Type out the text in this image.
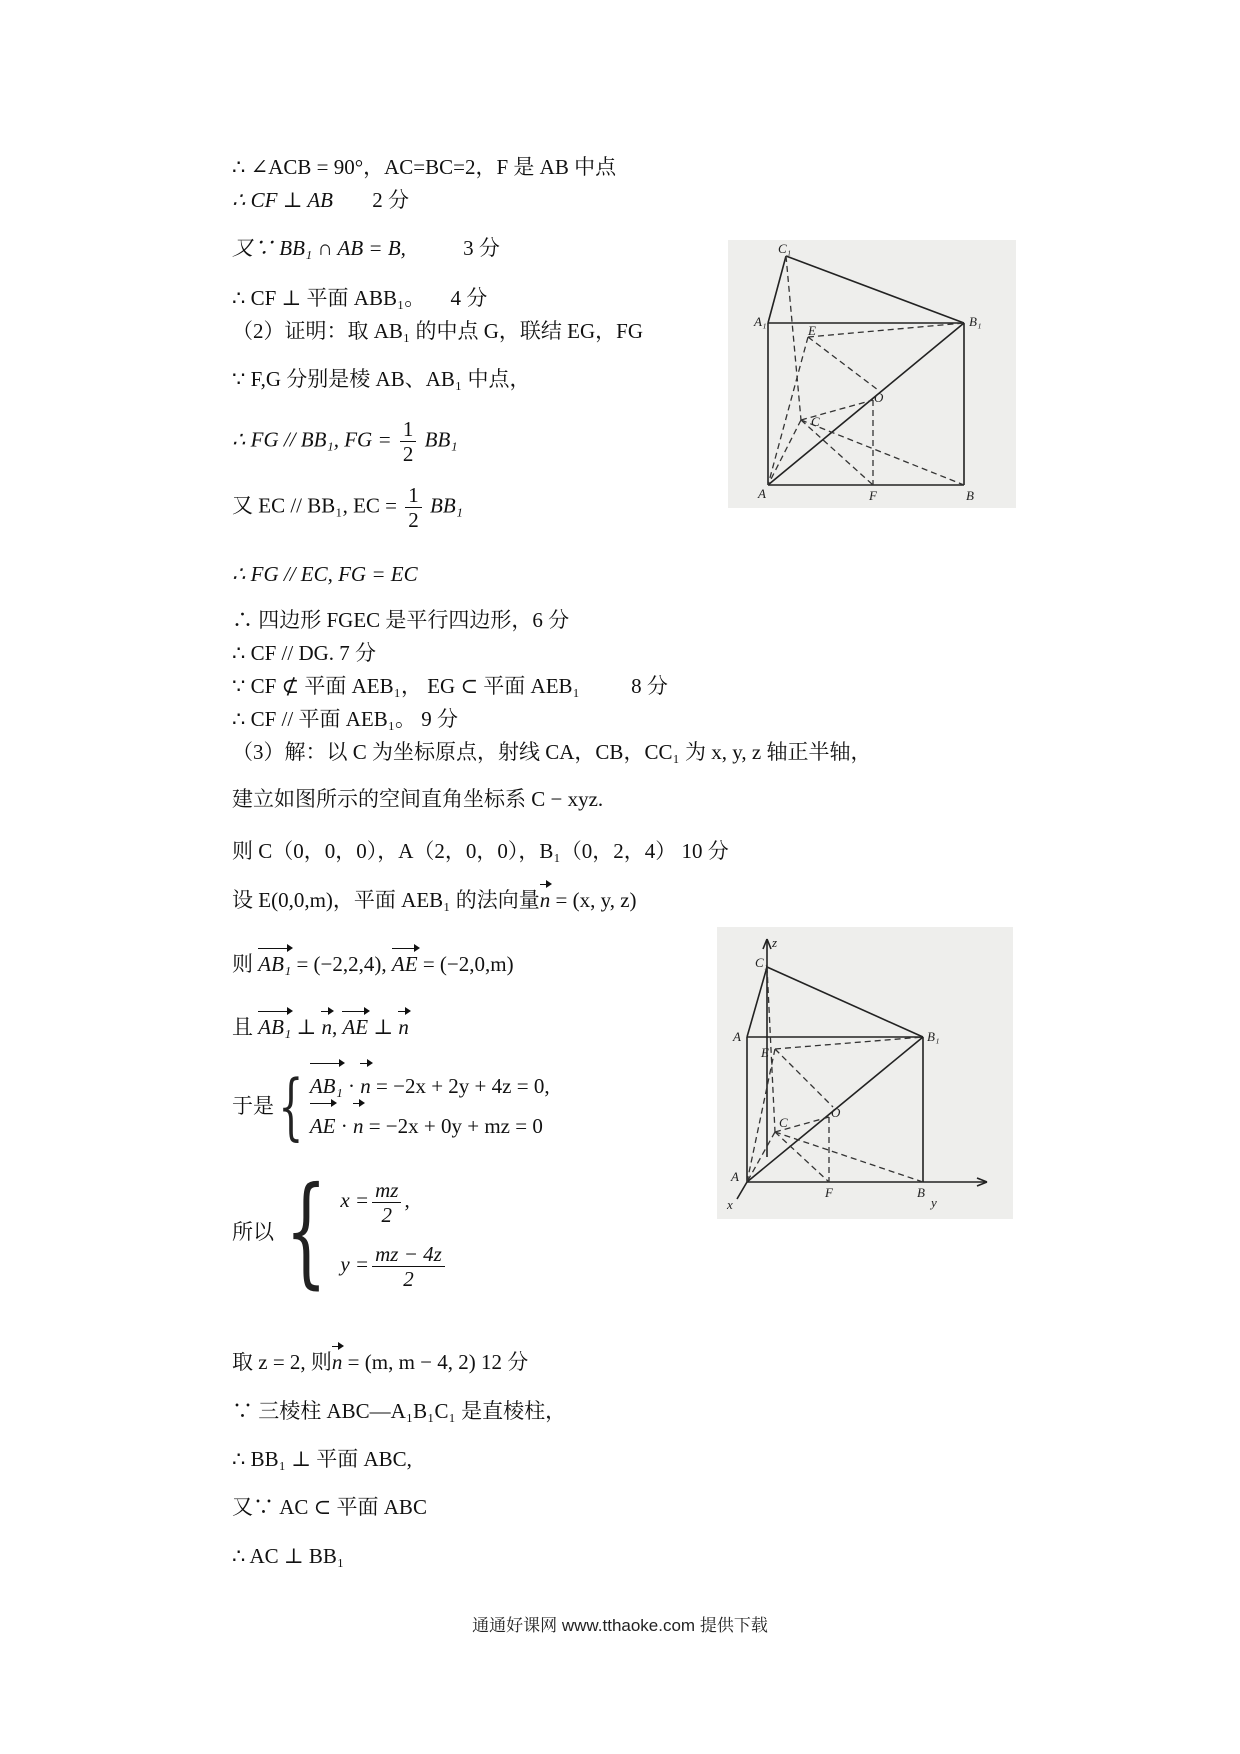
∴ ∠ACB = 90°，AC=BC=2，F 是 AB 中点
∴ CF ⊥ AB 2 分
又∵ BB₁ ∩ AB = B,	3 分
∴ CF ⊥ 平面 ABB₁。 4 分
（2）证明：取 AB₁ 的中点 G，联结 EG，FG
∵ F,G 分别是棱 AB、AB₁ 中点，
∴ FG // BB₁, FG = $\frac{1}{2} BB_1$
又 EC // BB₁, EC = $\frac{1}{2} BB_1$
∴ FG // EC, FG = EC
∴ 四边形 FGEC 是平行四边形，6 分
∴ CF // DG. 7 分
∵ CF ⊄ 平面 AEB₁， EG ⊂ 平面 AEB₁ 8 分
∴ CF // 平面 AEB₁。 9 分
（3）解：以 C 为坐标原点，射线 CA，CB，CC₁ 为 x, y, z 轴正半轴，
建立如图所示的空间直角坐标系 C − xyz.
则 C（0，0，0），A（2，0，0），B₁（0，2，4） 10 分
设 E(0,0,m)，平面 AEB₁ 的法向量n = (x, y, z)
则 AB₁ = (−2,2,4), AE = (−2,0,m)
且 AB₁ ⊥ n, AE ⊥ n
于是{ AB₁ · n = −2x + 2y + 4z = 0,
AE · n = −2x + 0y + mz = 0
所以{ $x = \frac{mz}{2}$ ,
$y = \frac{mz - 4z}{2}$
取 z = 2, 则n = (m, m − 4, 2) 12 分
∵ 三棱柱 ABC—A₁B₁C₁ 是直棱柱，
∴ BB₁ ⊥ 平面 ABC,
又∵ AC ⊂ 平面 ABC
∴ AC ⊥ BB₁
C₁
A₁	B₁
E
C
O
A	F	B
z
C₁
A	B₁
E
C
O
A
F	B
x	y
通通好课网 www.tthaoke.com 提供下载
